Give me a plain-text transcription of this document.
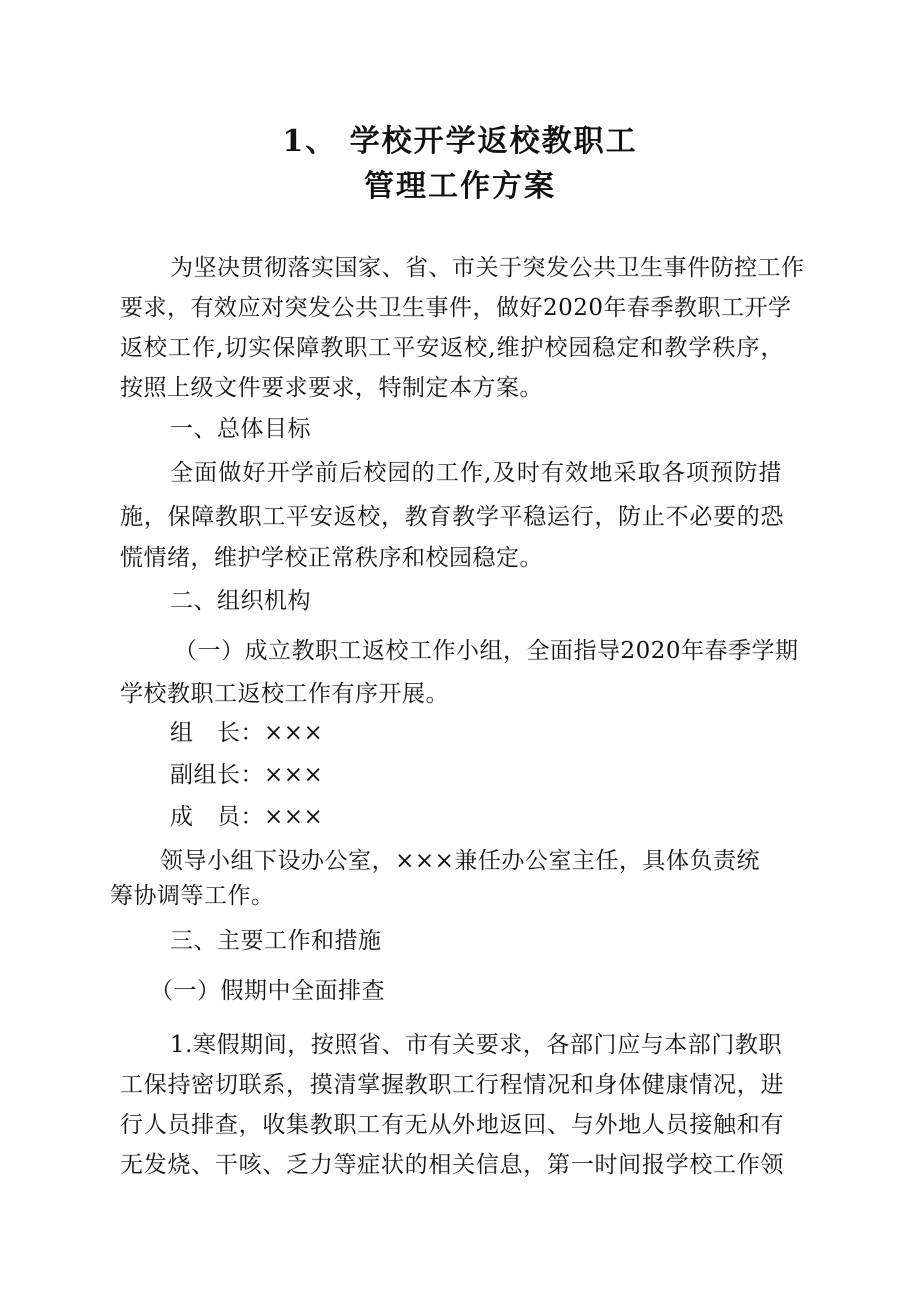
1、 学校开学返校教职工
管理工作方案
为坚决贯彻落实国家、省、市关于突发公共卫生事件防控工作
要求，有效应对突发公共卫生事件，做好2020年春季教职工开学
返校工作,切实保障教职工平安返校,维护校园稳定和教学秩序，
按照上级文件要求要求，特制定本方案。
一、总体目标
全面做好开学前后校园的工作,及时有效地采取各项预防措
施，保障教职工平安返校，教育教学平稳运行，防止不必要的恐
慌情绪，维护学校正常秩序和校园稳定。
二、组织机构
（一）成立教职工返校工作小组，全面指导2020年春季学期
学校教职工返校工作有序开展。
组　长：×××
副组长：×××
成　员：×××
领导小组下设办公室，×××兼任办公室主任，具体负责统
筹协调等工作。
三、主要工作和措施
（一）假期中全面排查
1.寒假期间，按照省、市有关要求，各部门应与本部门教职
工保持密切联系，摸清掌握教职工行程情况和身体健康情况，进
行人员排查，收集教职工有无从外地返回、与外地人员接触和有
无发烧、干咳、乏力等症状的相关信息，第一时间报学校工作领
